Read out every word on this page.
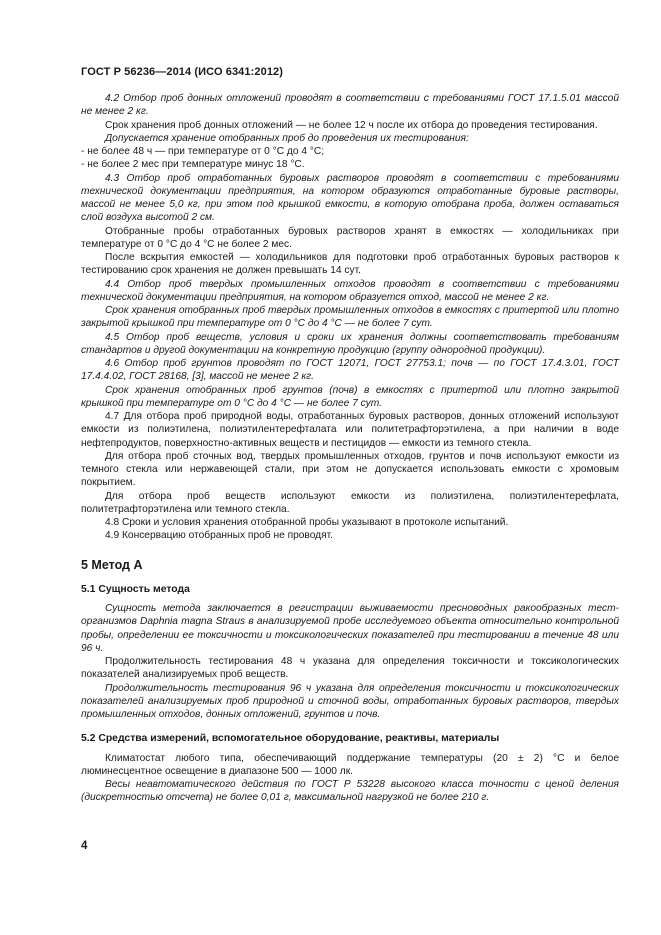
ГОСТ Р 56236—2014 (ИСО 6341:2012)

4.2 Отбор проб донных отложений проводят в соответствии с требованиями ГОСТ 17.1.5.01 массой не менее 2 кг.

Срок хранения проб донных отложений — не более 12 ч после их отбора до проведения тестирования.

Допускается хранение отобранных проб до проведения их тестирования:

- не более 48 ч — при температуре от 0 °С до 4 °С;

- не более 2 мес при температуре минус 18 °С.

4.3 Отбор проб отработанных буровых растворов проводят в соответствии с требованиями технической документации предприятия, на котором образуются отработанные буровые растворы, массой не менее 5,0 кг, при этом под крышкой емкости, в которую отобрана проба, должен оставаться слой воздуха высотой 2 см.

Отобранные пробы отработанных буровых растворов хранят в емкостях — холодильниках при температуре от 0 °С до 4 °С не более 2 мес.

После вскрытия емкостей — холодильников для подготовки проб отработанных буровых растворов к тестированию срок хранения не должен превышать 14 сут.

4.4 Отбор проб твердых промышленных отходов проводят в соответствии с требованиями технической документации предприятия, на котором образуется отход, массой не менее 2 кг.

Срок хранения отобранных проб твердых промышленных отходов в емкостях с притертой или плотно закрытой крышкой при температуре от 0 °С до 4 °С — не более 7 сут.

4.5 Отбор проб веществ, условия и сроки их хранения должны соответствовать требованиям стандартов и другой документации на конкретную продукцию (группу однородной продукции).

4.6 Отбор проб грунтов проводят по ГОСТ 12071, ГОСТ 27753.1; почв — по ГОСТ 17.4.3.01, ГОСТ 17.4.4.02, ГОСТ 28168, [3], массой не менее 2 кг.

Срок хранения отобранных проб грунтов (почв) в емкостях с притертой или плотно закрытой крышкой при температуре от 0 °С до 4 °С — не более 7 сут.

4.7 Для отбора проб природной воды, отработанных буровых растворов, донных отложений используют емкости из полиэтилена, полиэтилентерефталата или политетрафторэтилена, а при наличии в воде нефтепродуктов, поверхностно-активных веществ и пестицидов — емкости из темного стекла.

Для отбора проб сточных вод, твердых промышленных отходов, грунтов и почв используют емкости из темного стекла или нержавеющей стали, при этом не допускается использовать емкости с хромовым покрытием.

Для отбора проб веществ используют емкости из полиэтилена, полиэтилентерефлата, политетрафторэтилена или темного стекла.

4.8 Сроки и условия хранения отобранной пробы указывают в протоколе испытаний.

4.9 Консервацию отобранных проб не проводят.

5 Метод А
5.1 Сущность метода

Сущность метода заключается в регистрации выживаемости пресноводных ракообразных тест-организмов Daphnia magna Straus в анализируемой пробе исследуемого объекта относительно контрольной пробы, определении ее токсичности и токсикологических показателей при тестировании в течение 48 или 96 ч.

Продолжительность тестирования 48 ч указана для определения токсичности и токсикологических показателей анализируемых проб веществ.

Продолжительность тестирования 96 ч указана для определения токсичности и токсикологических показателей анализируемых проб природной и сточной воды, отработанных буровых растворов, твердых промышленных отходов, донных отложений, грунтов и почв.

5.2 Средства измерений, вспомогательное оборудование, реактивы, материалы

Климатостат любого типа, обеспечивающий поддержание температуры (20 ± 2) °С и белое люминесцентное освещение в диапазоне 500 — 1000 лк.

Весы неавтоматического действия по ГОСТ Р 53228 высокого класса точности с ценой деления (дискретностью отсчета) не более 0,01 г, максимальной нагрузкой не более 210 г.

4
